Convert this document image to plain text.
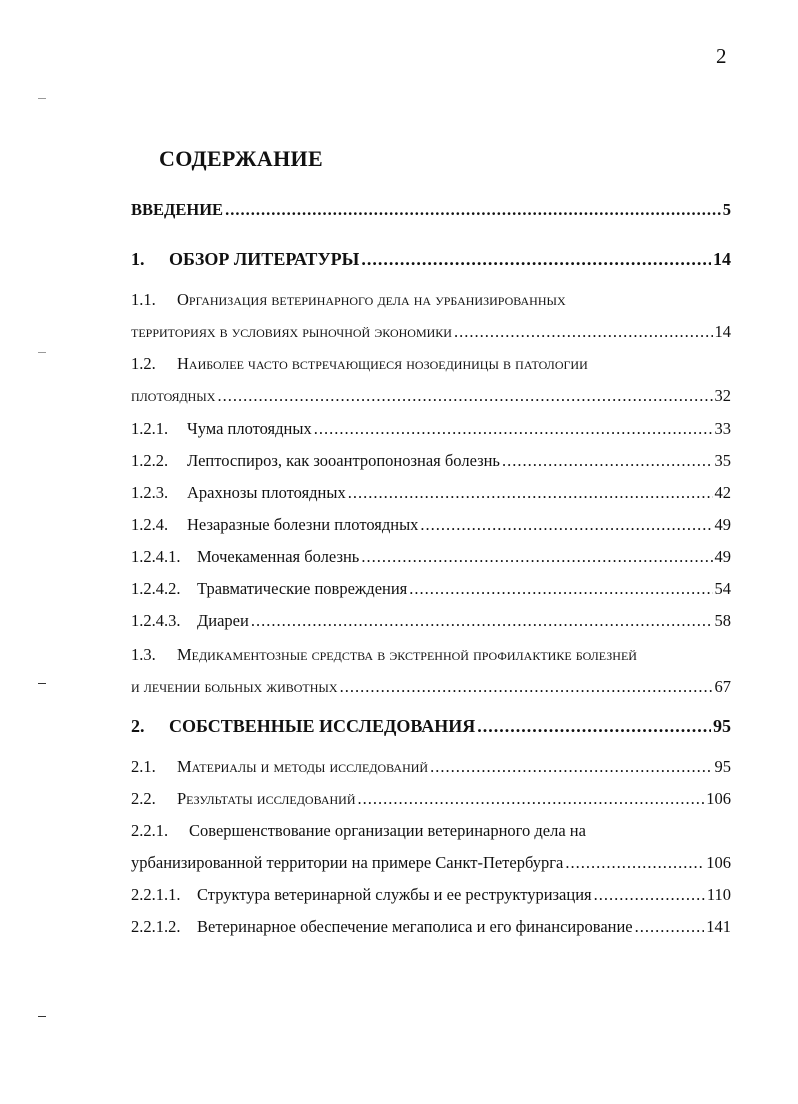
2
СОДЕРЖАНИЕ
ВВЕДЕНИЕ .....	5
1.	ОБЗОР ЛИТЕРАТУРЫ .....	14
1.1. Организация ветеринарного дела на урбанизированных
территориях в условиях рыночной экономики .....	14
1.2. Наиболее часто встречающиеся нозоединицы в патологии
плотоядных .....	32
1.2.1.	Чума плотоядных .....	33
1.2.2.	Лептоспироз, как зооантропонозная болезнь .....	35
1.2.3.	Арахнозы плотоядных .....	42
1.2.4.	Незаразные болезни плотоядных .....	49
1.2.4.1.	Мочекаменная болезнь .....	49
1.2.4.2.	Травматические повреждения .....	54
1.2.4.3.	Диареи .....	58
1.3. Медикаментозные средства в экстренной профилактике болезней
и лечении больных животных .....	67
2.	СОБСТВЕННЫЕ ИССЛЕДОВАНИЯ .....	95
2.1.	Материалы и методы исследований .....	95
2.2.	Результаты исследований .....	106
2.2.1. Совершенствование организации ветеринарного дела на
урбанизированной территории на примере Санкт-Петербурга .....	106
2.2.1.1.	Структура ветеринарной службы и ее реструктуризация .....	110
2.2.1.2.	Ветеринарное обеспечение мегаполиса и его финансирование .....	141
